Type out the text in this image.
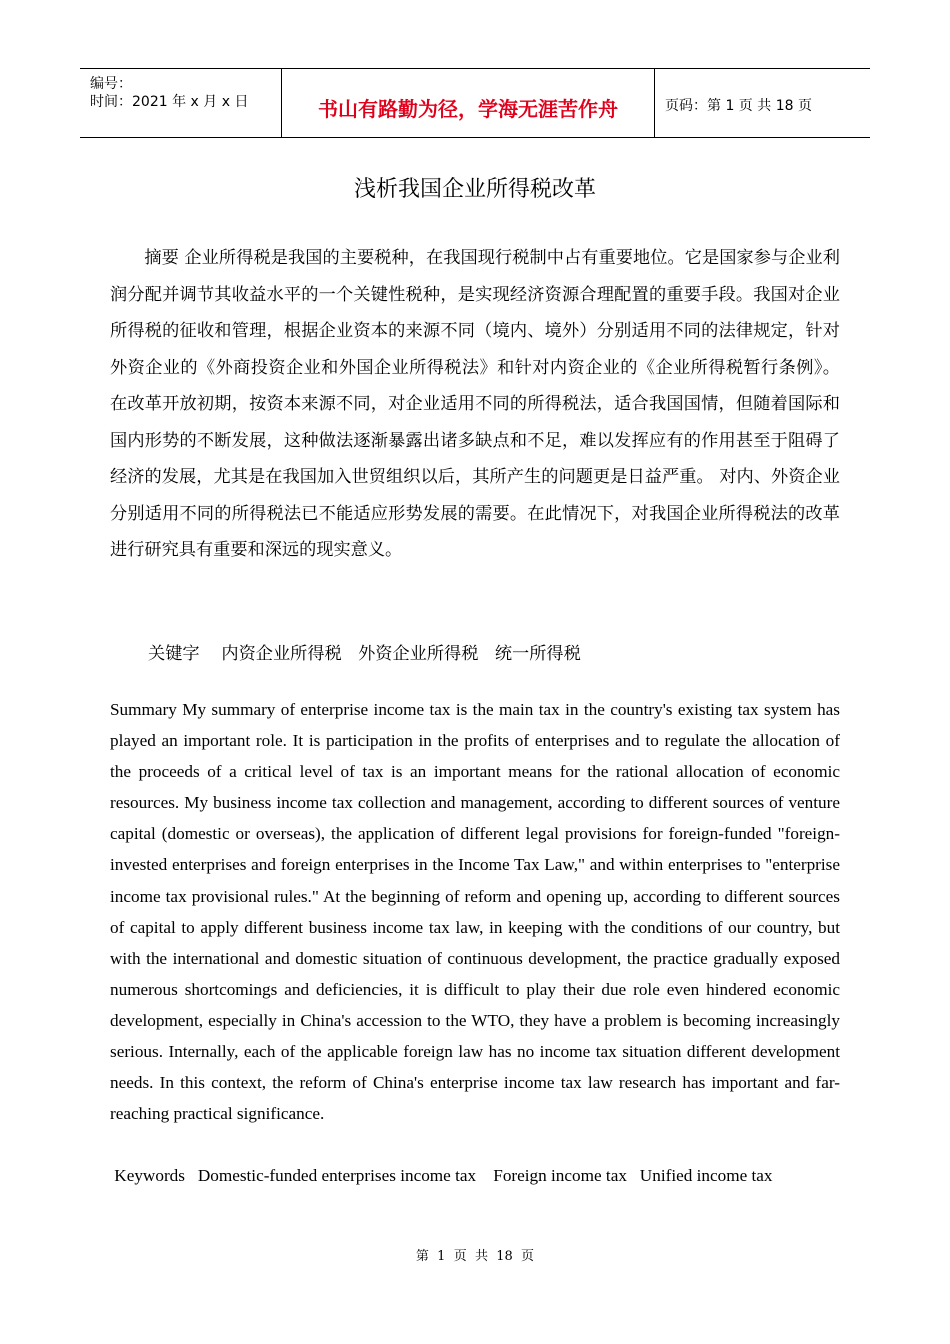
编号：
时间：2021 年 x 月 x 日	书山有路勤为径，学海无涯苦作舟	页码：第 1 页 共 18 页
浅析我国企业所得税改革
摘要 企业所得税是我国的主要税种，在我国现行税制中占有重要地位。它是国家参与企业利润分配并调节其收益水平的一个关键性税种，是实现经济资源合理配置的重要手段。我国对企业所得税的征收和管理，根据企业资本的来源不同（境内、境外）分别适用不同的法律规定，针对外资企业的《外商投资企业和外国企业所得税法》和针对内资企业的《企业所得税暂行条例》。在改革开放初期，按资本来源不同，对企业适用不同的所得税法，适合我国国情，但随着国际和国内形势的不断发展，这种做法逐渐暴露出诸多缺点和不足，难以发挥应有的作用甚至于阻碍了经济的发展，尤其是在我国加入世贸组织以后，其所产生的问题更是日益严重。 对内、外资企业分别适用不同的所得税法已不能适应形势发展的需要。在此情况下，对我国企业所得税法的改革进行研究具有重要和深远的现实意义。
关键字    内资企业所得税   外资企业所得税   统一所得税
Summary My summary of enterprise income tax is the main tax in the country's existing tax system has played an important role. It is participation in the profits of enterprises and to regulate the allocation of the proceeds of a critical level of tax is an important means for the rational allocation of economic resources. My business income tax collection and management, according to different sources of venture capital (domestic or overseas), the application of different legal provisions for foreign-funded "foreign-invested enterprises and foreign enterprises in the Income Tax Law," and within enterprises to "enterprise income tax provisional rules." At the beginning of reform and opening up, according to different sources of capital to apply different business income tax law, in keeping with the conditions of our country, but with the international and domestic situation of continuous development, the practice gradually exposed numerous shortcomings and deficiencies, it is difficult to play their due role even hindered economic development, especially in China's accession to the WTO, they have a problem is becoming increasingly serious. Internally, each of the applicable foreign law has no income tax situation different development needs. In this context, the reform of China's enterprise income tax law research has important and far-reaching practical significance.
Keywords   Domestic-funded enterprises income tax    Foreign income tax   Unified income tax
第  1  页  共  18  页
